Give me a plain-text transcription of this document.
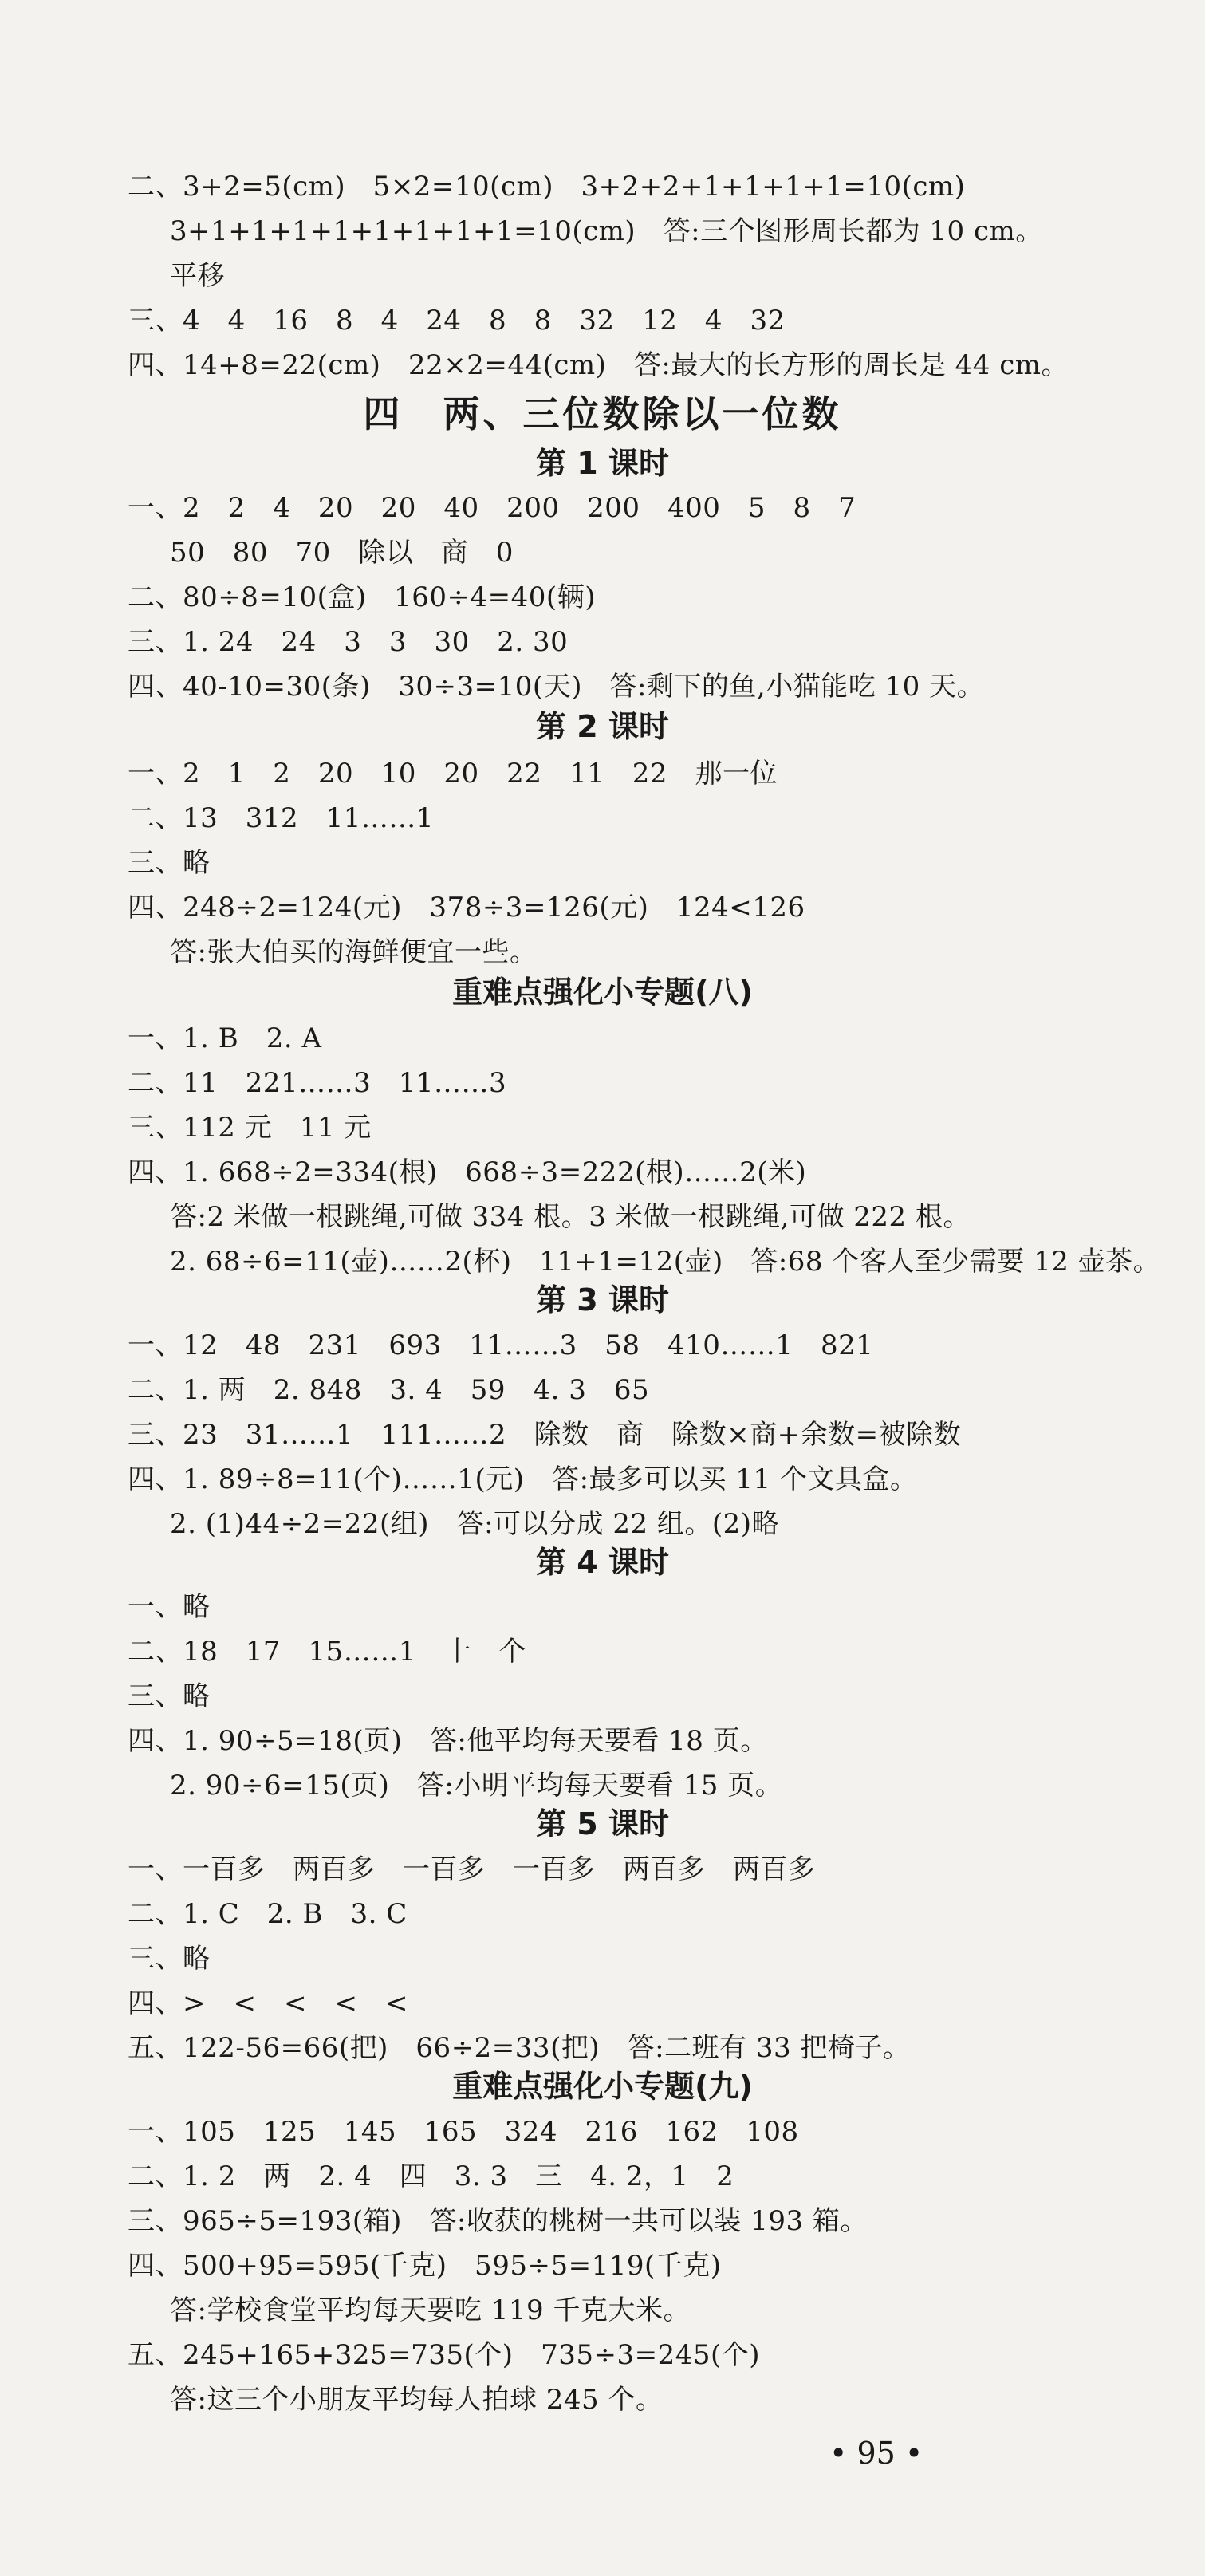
二、3+2=5(cm)　5×2=10(cm)　3+2+2+1+1+1+1=10(cm)
3+1+1+1+1+1+1+1+1=10(cm)　答:三个图形周长都为 10 cm。
平移
三、4　4　16　8　4　24　8　8　32　12　4　32
四、14+8=22(cm)　22×2=44(cm)　答:最大的长方形的周长是 44 cm。
四　两、三位数除以一位数
第 1 课时
一、2　2　4　20　20　40　200　200　400　5　8　7
50　80　70　除以　商　0
二、80÷8=10(盒)　160÷4=40(辆)
三、1. 24　24　3　3　30　2. 30
四、40-10=30(条)　30÷3=10(天)　答:剩下的鱼,小猫能吃 10 天。
第 2 课时
一、2　1　2　20　10　20　22　11　22　那一位
二、13　312　11……1
三、略
四、248÷2=124(元)　378÷3=126(元)　124<126
答:张大伯买的海鲜便宜一些。
重难点强化小专题(八)
一、1. B　2. A
二、11　221……3　11……3
三、112 元　11 元
四、1. 668÷2=334(根)　668÷3=222(根)……2(米)
答:2 米做一根跳绳,可做 334 根。3 米做一根跳绳,可做 222 根。
2. 68÷6=11(壶)……2(杯)　11+1=12(壶)　答:68 个客人至少需要 12 壶茶。
第 3 课时
一、12　48　231　693　11……3　58　410……1　821
二、1. 两　2. 848　3. 4　59　4. 3　65
三、23　31……1　111……2　除数　商　除数×商+余数=被除数
四、1. 89÷8=11(个)……1(元)　答:最多可以买 11 个文具盒。
2. (1)44÷2=22(组)　答:可以分成 22 组。(2)略
第 4 课时
一、略
二、18　17　15……1　十　个
三、略
四、1. 90÷5=18(页)　答:他平均每天要看 18 页。
2. 90÷6=15(页)　答:小明平均每天要看 15 页。
第 5 课时
一、一百多　两百多　一百多　一百多　两百多　两百多
二、1. C　2. B　3. C
三、略
四、>　<　<　<　<
五、122-56=66(把)　66÷2=33(把)　答:二班有 33 把椅子。
重难点强化小专题(九)
一、105　125　145　165　324　216　162　108
二、1. 2　两　2. 4　四　3. 3　三　4. 2，1　2
三、965÷5=193(箱)　答:收获的桃树一共可以装 193 箱。
四、500+95=595(千克)　595÷5=119(千克)
答:学校食堂平均每天要吃 119 千克大米。
五、245+165+325=735(个)　735÷3=245(个)
答:这三个小朋友平均每人拍球 245 个。
• 95 •
